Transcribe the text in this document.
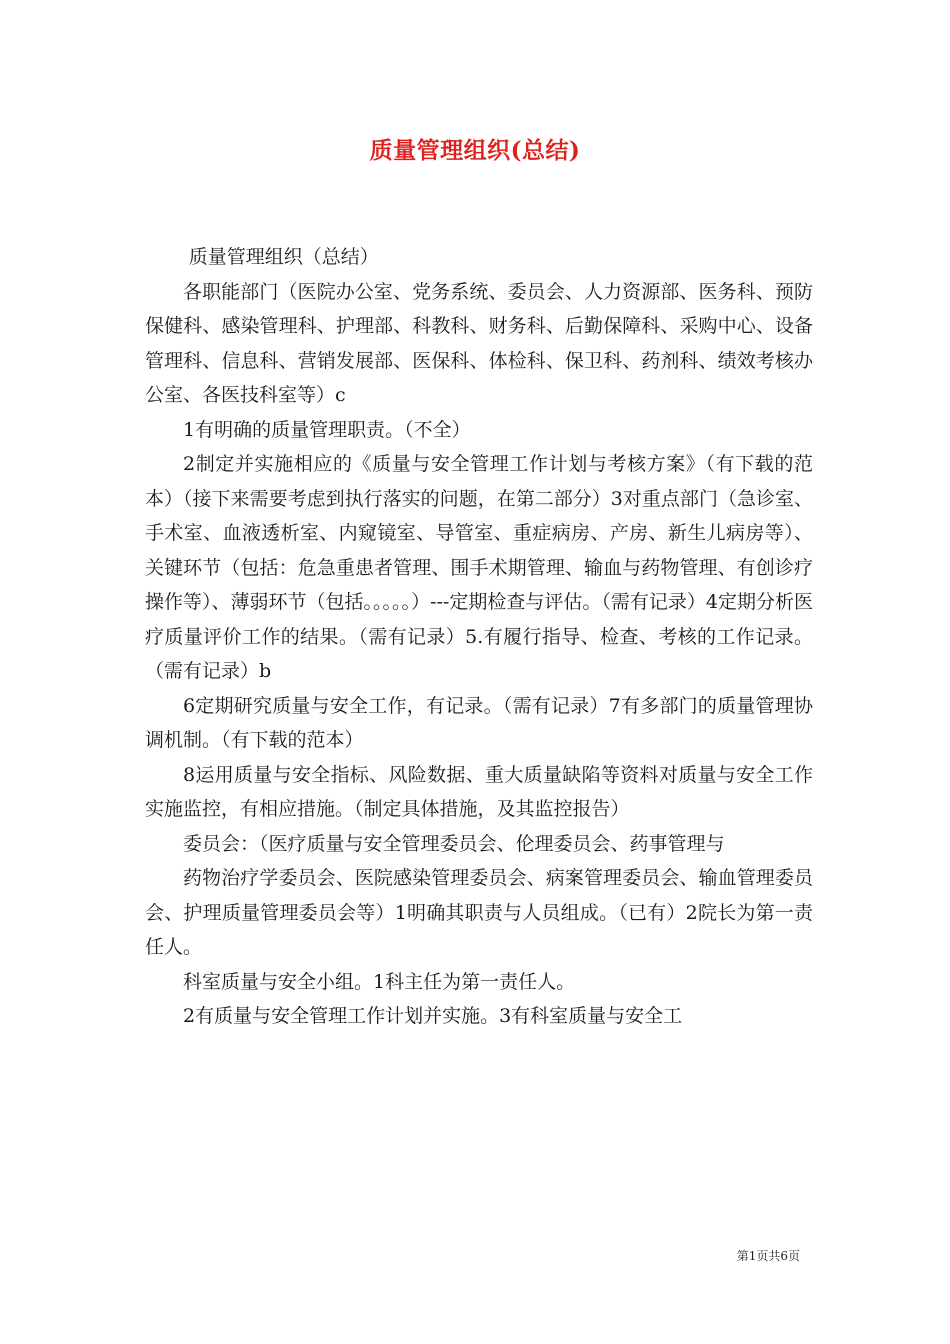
质量管理组织(总结)

质量管理组织（总结）

各职能部门（医院办公室、党务系统、委员会、人力资源部、医务科、预防保健科、感染管理科、护理部、科教科、财务科、后勤保障科、采购中心、设备管理科、信息科、营销发展部、医保科、体检科、保卫科、药剂科、绩效考核办公室、各医技科室等）c

1有明确的质量管理职责。（不全）

2制定并实施相应的《质量与安全管理工作计划与考核方案》（有下载的范本）（接下来需要考虑到执行落实的问题，在第二部分）3对重点部门（急诊室、手术室、血液透析室、内窥镜室、导管室、重症病房、产房、新生儿病房等）、关键环节（包括：危急重患者管理、围手术期管理、输血与药物管理、有创诊疗操作等）、薄弱环节（包括。。。。。）---定期检查与评估。（需有记录）4定期分析医疗质量评价工作的结果。（需有记录）5.有履行指导、检查、考核的工作记录。（需有记录）b

6定期研究质量与安全工作，有记录。（需有记录）7有多部门的质量管理协调机制。（有下载的范本）

8运用质量与安全指标、风险数据、重大质量缺陷等资料对质量与安全工作实施监控，有相应措施。（制定具体措施，及其监控报告）

委员会：（医疗质量与安全管理委员会、伦理委员会、药事管理与

药物治疗学委员会、医院感染管理委员会、病案管理委员会、输血管理委员会、护理质量管理委员会等）1明确其职责与人员组成。（已有）2院长为第一责任人。

科室质量与安全小组。1科主任为第一责任人。

2有质量与安全管理工作计划并实施。3有科室质量与安全工

第1页共6页
